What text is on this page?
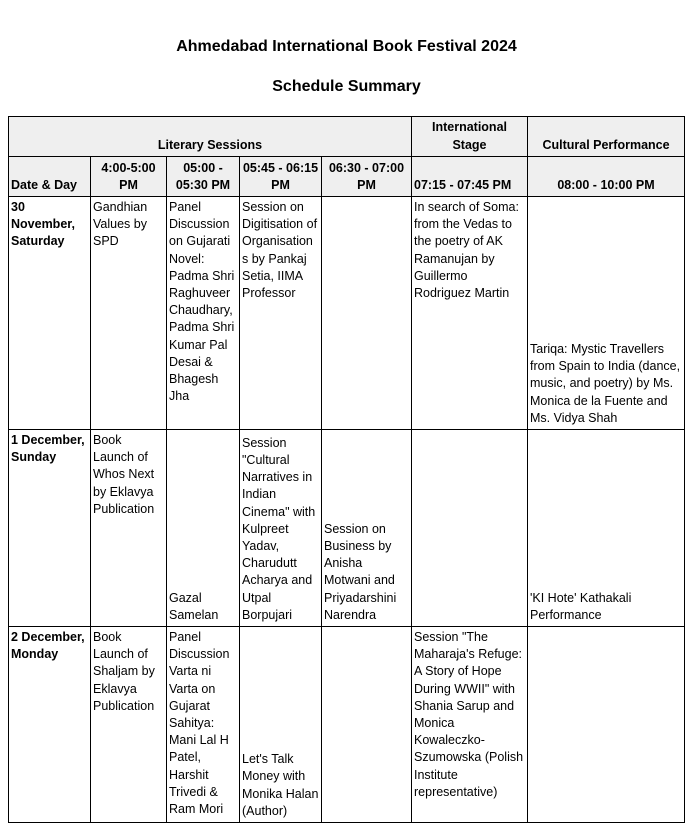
Ahmedabad International Book Festival 2024
Schedule Summary
Literary Sessions					International Stage	Cultural Performance
Date & Day	4:00-5:00 PM	05:00 - 05:30 PM	05:45 - 06:15 PM	06:30 - 07:00 PM	07:15 - 07:45 PM	08:00 - 10:00 PM
30 November, Saturday	Gandhian Values by SPD	Panel Discussion on Gujarati Novel: Padma Shri Raghuveer Chaudhary, Padma Shri Kumar Pal Desai & Bhagesh Jha	Session on Digitisation of Organisations by Pankaj Setia, IIMA Professor		In search of Soma: from the Vedas to the poetry of AK Ramanujan by Guillermo Rodriguez Martin	Tariqa: Mystic Travellers from Spain to India (dance, music, and poetry) by Ms. Monica de la Fuente and Ms. Vidya Shah
1 December, Sunday	Book Launch of Whos Next by Eklavya Publication	Gazal Samelan	Session "Cultural Narratives in Indian Cinema" with Kulpreet Yadav, Charudutt Acharya and Utpal Borpujari	Session on Business by Anisha Motwani and Priyadarshini Narendra		'KI Hote' Kathakali Performance
2 December, Monday	Book Launch of Shaljam by Eklavya Publication	Panel Discussion Varta ni Varta on Gujarat Sahitya: Mani Lal H Patel, Harshit Trivedi & Ram Mori	Let's Talk Money with Monika Halan (Author)		Session "The Maharaja's Refuge: A Story of Hope During WWII" with Shania Sarup and Monica Kowaleczko-Szumowska (Polish Institute representative)	
